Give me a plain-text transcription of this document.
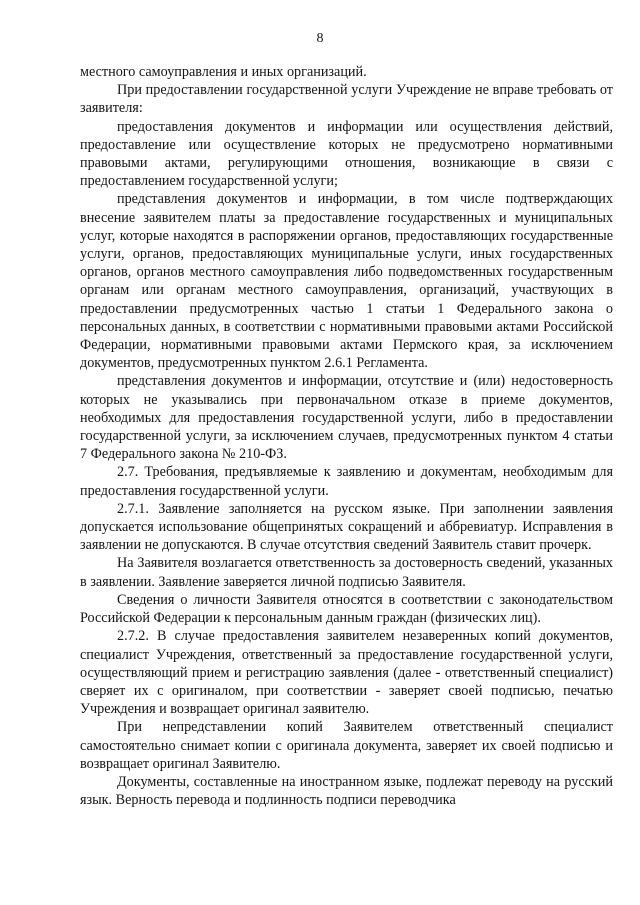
8

местного самоуправления и иных организаций.

При предоставлении государственной услуги Учреждение не вправе требовать от заявителя:

предоставления документов и информации или осуществления действий, предоставление или осуществление которых не предусмотрено нормативными правовыми актами, регулирующими отношения, возникающие в связи с предоставлением государственной услуги;

представления документов и информации, в том числе подтверждающих внесение заявителем платы за предоставление государственных и муниципальных услуг, которые находятся в распоряжении органов, предоставляющих государственные услуги, органов, предоставляющих муниципальные услуги, иных государственных органов, органов местного самоуправления либо подведомственных государственным органам или органам местного самоуправления, организаций, участвующих в предоставлении предусмотренных частью 1 статьи 1 Федерального закона о персональных данных, в соответствии с нормативными правовыми актами Российской Федерации, нормативными правовыми актами Пермского края, за исключением документов, предусмотренных пунктом 2.6.1 Регламента.

представления документов и информации, отсутствие и (или) недостоверность которых не указывались при первоначальном отказе в приеме документов, необходимых для предоставления государственной услуги, либо в предоставлении государственной услуги, за исключением случаев, предусмотренных пунктом 4 статьи 7 Федерального закона № 210-ФЗ.

2.7. Требования, предъявляемые к заявлению и документам, необходимым для предоставления государственной услуги.

2.7.1. Заявление заполняется на русском языке. При заполнении заявления допускается использование общепринятых сокращений и аббревиатур. Исправления в заявлении не допускаются. В случае отсутствия сведений Заявитель ставит прочерк.

На Заявителя возлагается ответственность за достоверность сведений, указанных в заявлении. Заявление заверяется личной подписью Заявителя.

Сведения о личности Заявителя относятся в соответствии с законодательством Российской Федерации к персональным данным граждан (физических лиц).

2.7.2. В случае предоставления заявителем незаверенных копий документов, специалист Учреждения, ответственный за предоставление государственной услуги, осуществляющий прием и регистрацию заявления (далее - ответственный специалист) сверяет их с оригиналом, при соответствии - заверяет своей подписью, печатью Учреждения и возвращает оригинал заявителю.

При непредставлении копий Заявителем ответственный специалист самостоятельно снимает копии с оригинала документа, заверяет их своей подписью и возвращает оригинал Заявителю.

Документы, составленные на иностранном языке, подлежат переводу на русский язык. Верность перевода и подлинность подписи переводчика
